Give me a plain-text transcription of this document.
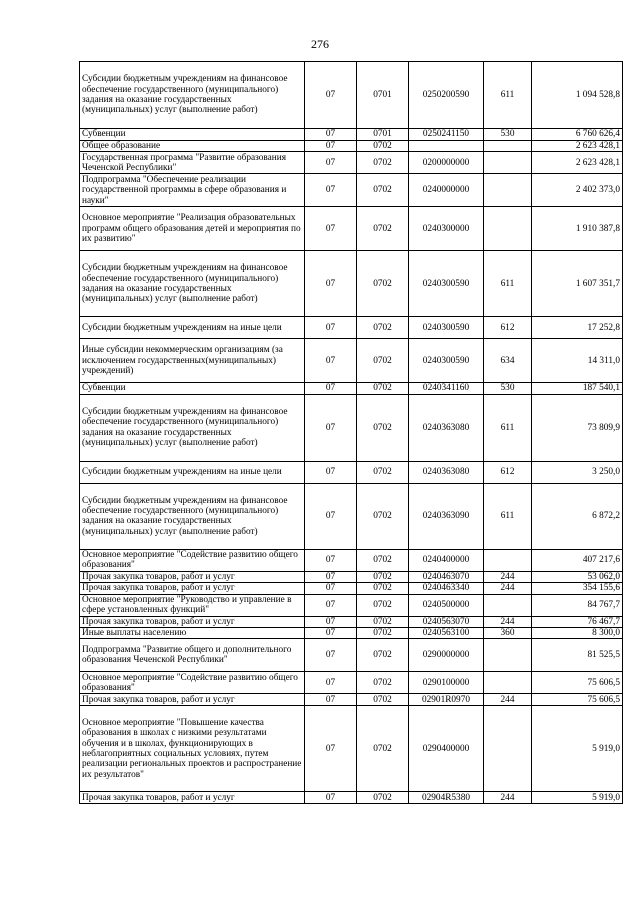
276
Субсидии бюджетным учреждениям на финансовое обеспечение государственного (муниципального) задания на оказание государственных (муниципальных) услуг (выполнение работ)	07	0701	0250200590	611	1 094 528,8
Субвенции	07	0701	0250241150	530	6 760 626,4
Общее образование	07	0702			2 623 428,1
Государственная программа "Развитие образования Чеченской Республики"	07	0702	0200000000		2 623 428,1
Подпрограмма "Обеспечение реализации государственной программы в сфере образования и науки"	07	0702	0240000000		2 402 373,0
Основное мероприятие "Реализация образовательных программ общего образования детей и мероприятия по их развитию"	07	0702	0240300000		1 910 387,8
Субсидии бюджетным учреждениям на финансовое обеспечение государственного (муниципального) задания на оказание государственных (муниципальных) услуг (выполнение работ)	07	0702	0240300590	611	1 607 351,7
Субсидии бюджетным учреждениям на иные цели	07	0702	0240300590	612	17 252,8
Иные субсидии некоммерческим организациям (за исключением государственных(муниципальных) учреждений)	07	0702	0240300590	634	14 311,0
Субвенции	07	0702	0240341160	530	187 540,1
Субсидии бюджетным учреждениям на финансовое обеспечение государственного (муниципального) задания на оказание государственных (муниципальных) услуг (выполнение работ)	07	0702	0240363080	611	73 809,9
Субсидии бюджетным учреждениям на иные цели	07	0702	0240363080	612	3 250,0
Субсидии бюджетным учреждениям на финансовое обеспечение государственного (муниципального) задания на оказание государственных (муниципальных) услуг (выполнение работ)	07	0702	0240363090	611	6 872,2
Основное мероприятие "Содействие развитию общего образования"	07	0702	0240400000		407 217,6
Прочая закупка товаров, работ и услуг	07	0702	0240463070	244	53 062,0
Прочая закупка товаров, работ и услуг	07	0702	0240463340	244	354 155,6
Основное мероприятие "Руководство и управление в сфере установленных функций"	07	0702	0240500000		84 767,7
Прочая закупка товаров, работ и услуг	07	0702	0240563070	244	76 467,7
Иные выплаты населению	07	0702	0240563100	360	8 300,0
Подпрограмма "Развитие общего и дополнительного образования Чеченской Республики"	07	0702	0290000000		81 525,5
Основное мероприятие "Содействие развитию общего образования"	07	0702	0290100000		75 606,5
Прочая закупка товаров, работ и услуг	07	0702	02901R0970	244	75 606,5
Основное мероприятие "Повышение качества образования в школах с низкими результатами обучения и в школах, функционирующих в неблагоприятных социальных условиях, путем реализации региональных проектов и распространение их результатов"	07	0702	0290400000		5 919,0
Прочая закупка товаров, работ и услуг	07	0702	02904R5380	244	5 919,0
